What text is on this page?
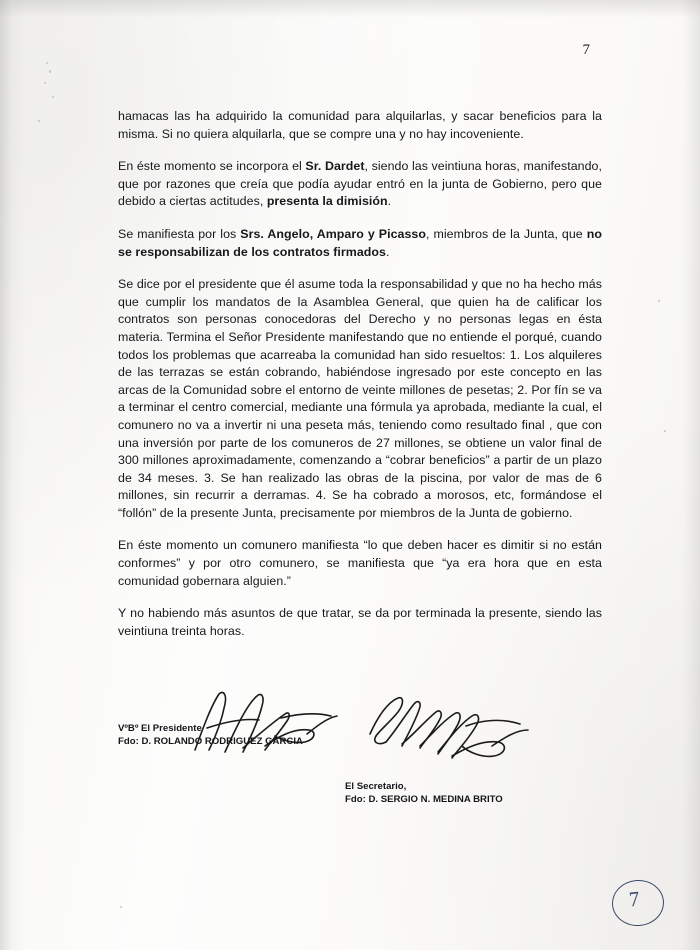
7

hamacas las ha adquirido la comunidad para alquilarlas, y sacar beneficios para la misma. Si no quiera alquilarla, que se compre una y no hay incoveniente.

En éste momento se incorpora el Sr. Dardet, siendo las veintiuna horas, manifestando, que por razones que creía que podía ayudar entró en la junta de Gobierno, pero que debido a ciertas actitudes, presenta la dimisión.

Se manifiesta por los Srs. Angelo, Amparo y Picasso, miembros de la Junta, que no se responsabilizan de los contratos firmados.

Se dice por el presidente que él asume toda la responsabilidad y que no ha hecho más que cumplir los mandatos de la Asamblea General, que quien ha de calificar los contratos son personas conocedoras del Derecho y no personas legas en ésta materia. Termina el Señor Presidente manifestando que no entiende el porqué, cuando todos los problemas que acarreaba la comunidad han sido resueltos: 1. Los alquileres de las terrazas se están cobrando, habiéndose ingresado por este concepto en las arcas de la Comunidad sobre el entorno de veinte millones de pesetas; 2. Por fín se va a terminar el centro comercial, mediante una fórmula ya aprobada, mediante la cual, el comunero no va a invertir ni una peseta más, teniendo como resultado final , que con una inversión por parte de los comuneros de 27 millones, se obtiene un valor final de 300 millones aproximadamente, comenzando a “cobrar beneficios” a partir de un plazo de 34 meses. 3. Se han realizado las obras de la piscina, por valor de mas de 6 millones, sin recurrir a derramas. 4. Se ha cobrado a morosos, etc, formándose el “follón” de la presente Junta, precisamente por miembros de la Junta de gobierno.

En éste momento un comunero manifiesta “lo que deben hacer es dimitir si no están conformes” y por otro comunero, se manifiesta que “ya era hora que en esta comunidad gobernara alguien.”

Y no habiendo más asuntos de que tratar, se da por terminada la presente, siendo las veintiuna treinta horas.

VºBº El Presidente
Fdo: D. ROLANDO RODRIGUEZ GARCIA
El Secretario,
Fdo: D. SERGIO N. MEDINA BRITO
7
